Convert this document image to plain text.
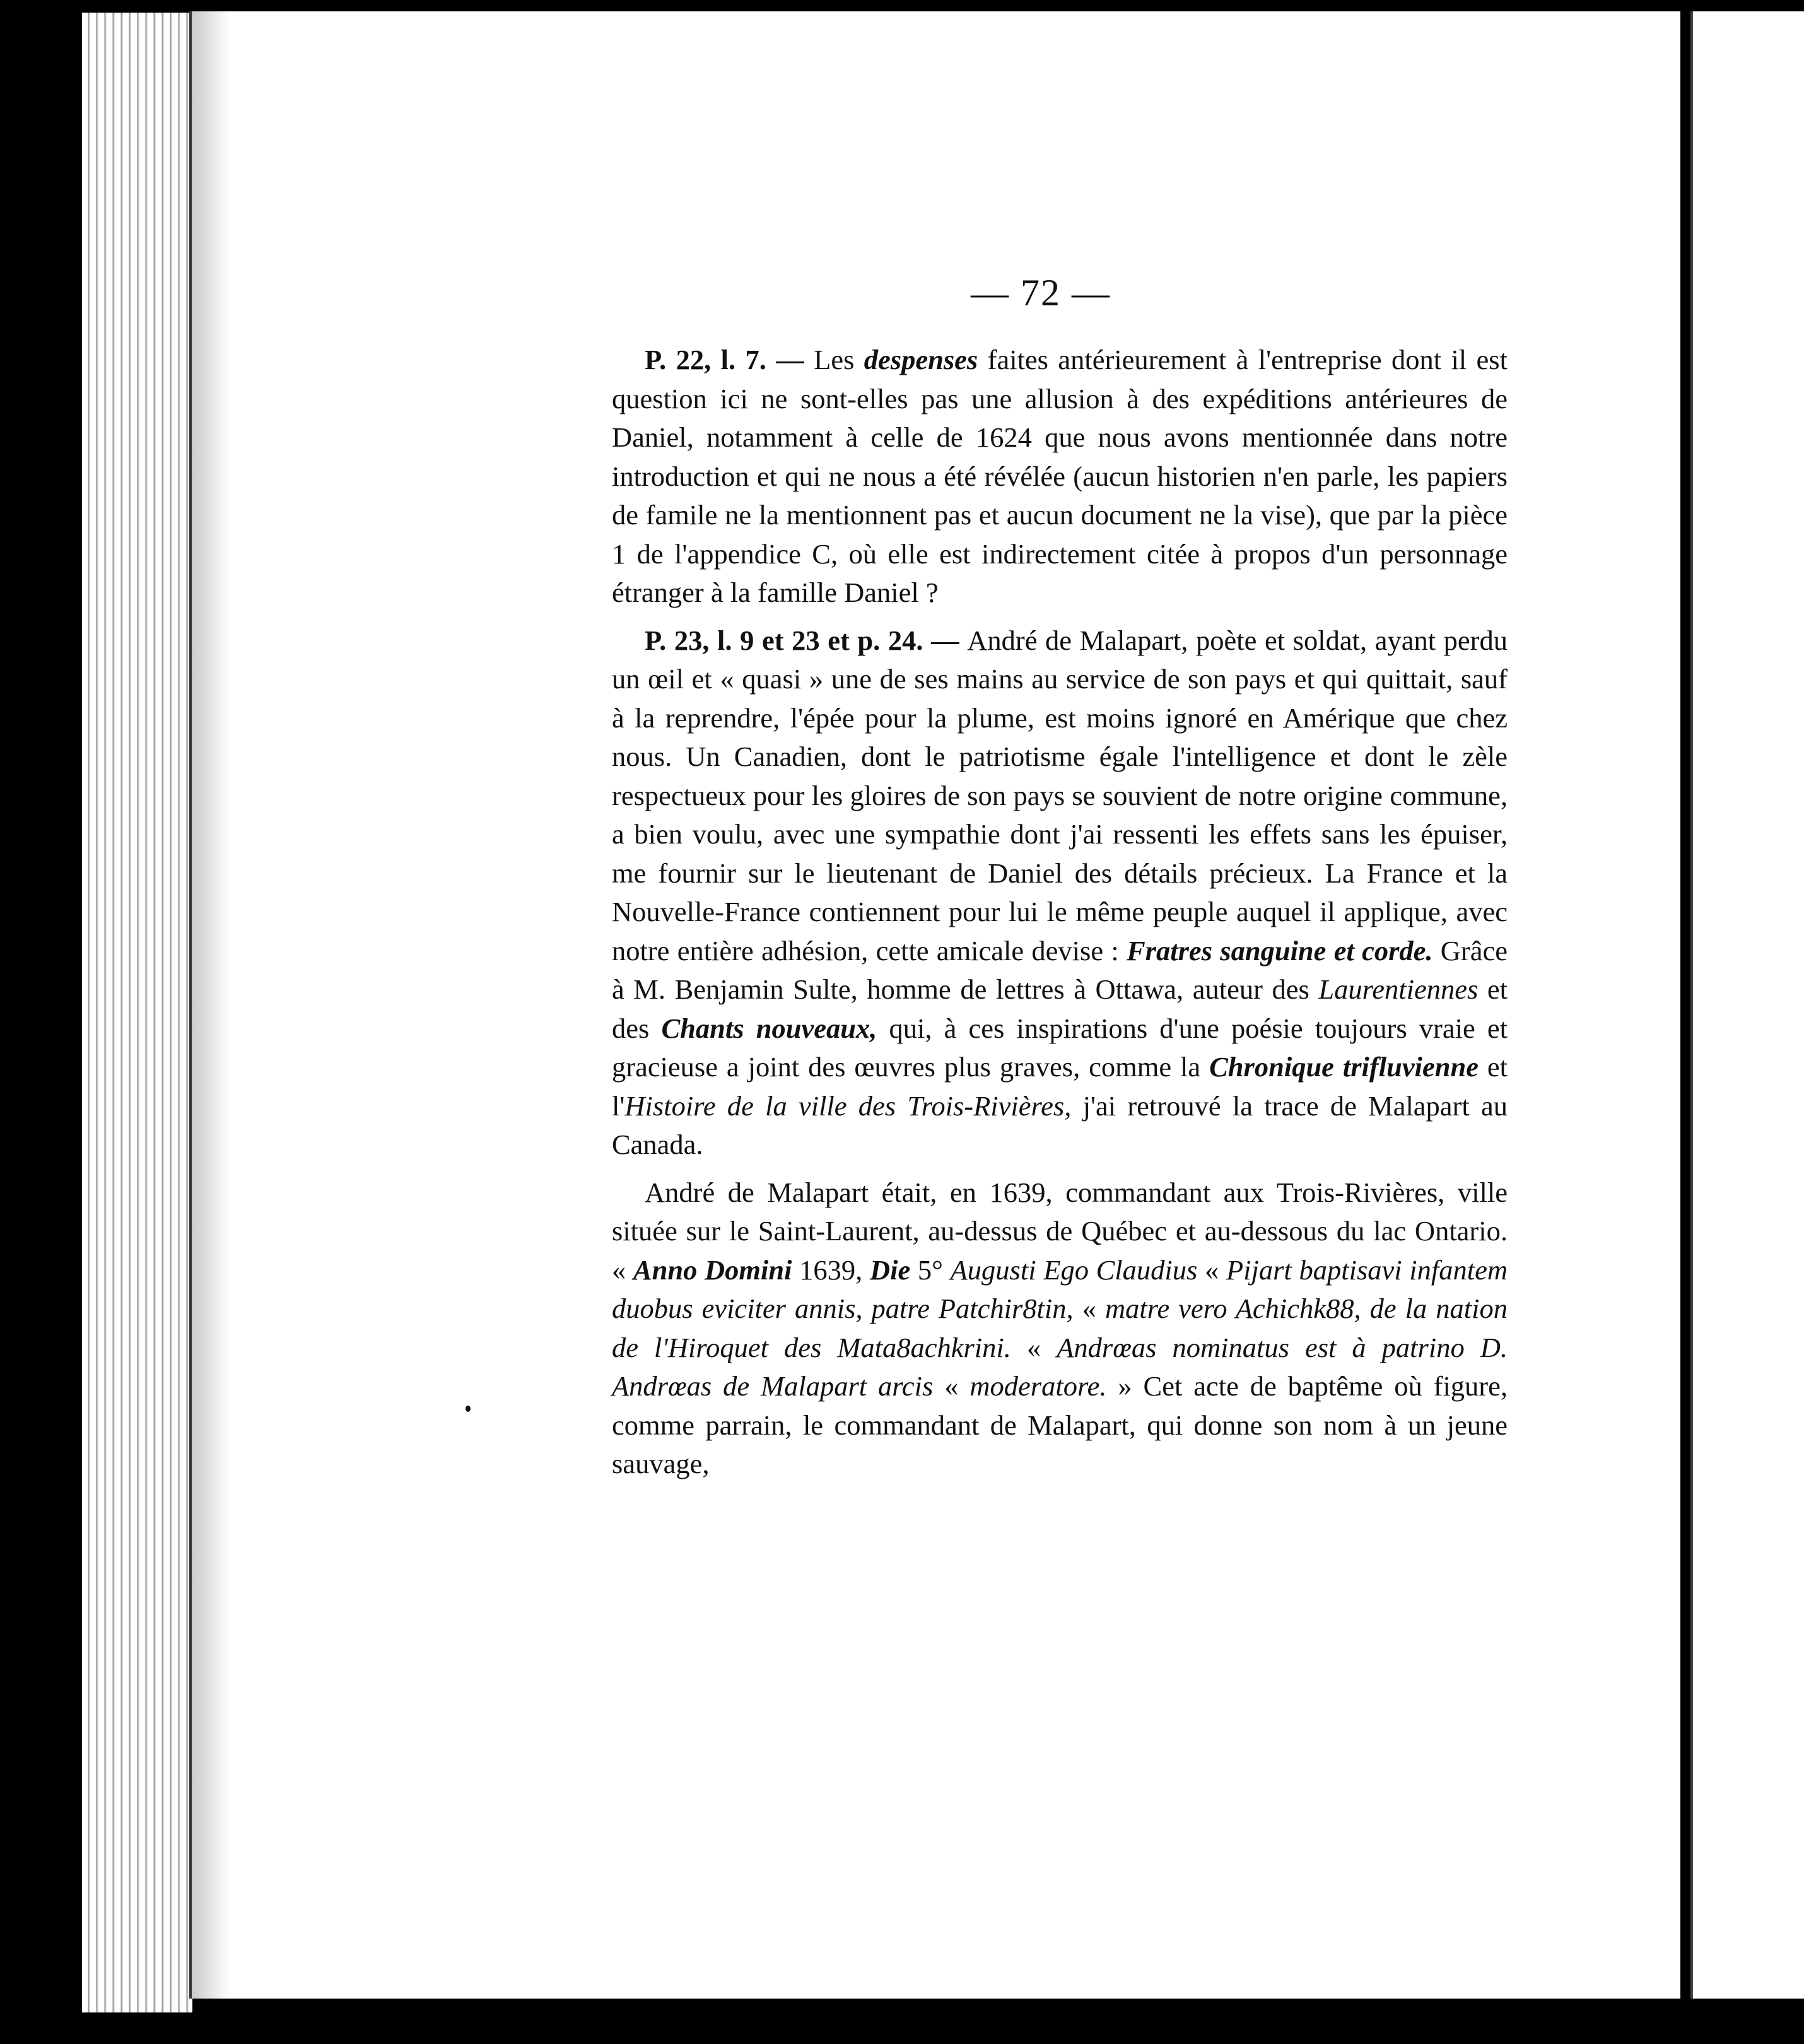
— 72 —

P. 22, l. 7. — Les despenses faites antérieurement à l'entreprise dont il est question ici ne sont-elles pas une allusion à des expéditions antérieures de Daniel, notamment à celle de 1624 que nous avons mentionnée dans notre introduction et qui ne nous a été révélée (aucun historien n'en parle, les papiers de famile ne la mentionnent pas et aucun document ne la vise), que par la pièce 1 de l'appendice C, où elle est indirectement citée à propos d'un personnage étranger à la famille Daniel ?

P. 23, l. 9 et 23 et p. 24. — André de Malapart, poète et soldat, ayant perdu un œil et « quasi » une de ses mains au service de son pays et qui quittait, sauf à la reprendre, l'épée pour la plume, est moins ignoré en Amérique que chez nous. Un Canadien, dont le patriotisme égale l'intelligence et dont le zèle respectueux pour les gloires de son pays se souvient de notre origine commune, a bien voulu, avec une sympathie dont j'ai ressenti les effets sans les épuiser, me fournir sur le lieutenant de Daniel des détails précieux. La France et la Nouvelle-France contiennent pour lui le même peuple auquel il applique, avec notre entière adhésion, cette amicale devise : Fratres sanguine et corde. Grâce à M. Benjamin Sulte, homme de lettres à Ottawa, auteur des Laurentiennes et des Chants nouveaux, qui, à ces inspirations d'une poésie toujours vraie et gracieuse a joint des œuvres plus graves, comme la Chronique trifluvienne et l'Histoire de la ville des Trois-Rivières, j'ai retrouvé la trace de Malapart au Canada.

André de Malapart était, en 1639, commandant aux Trois-Rivières, ville située sur le Saint-Laurent, au-dessus de Québec et au-dessous du lac Ontario. « Anno Domini 1639, Die 5° Augusti Ego Claudius « Pijart baptisavi infantem duobus eviciter annis, patre Patchir8tin, « matre vero Achichk88, de la nation de l'Hiroquet des Mata8achkrini. « Andrœas nominatus est à patrino D. Andrœas de Malapart arcis « moderatore. » Cet acte de baptême où figure, comme parrain, le commandant de Malapart, qui donne son nom à un jeune sauvage,
